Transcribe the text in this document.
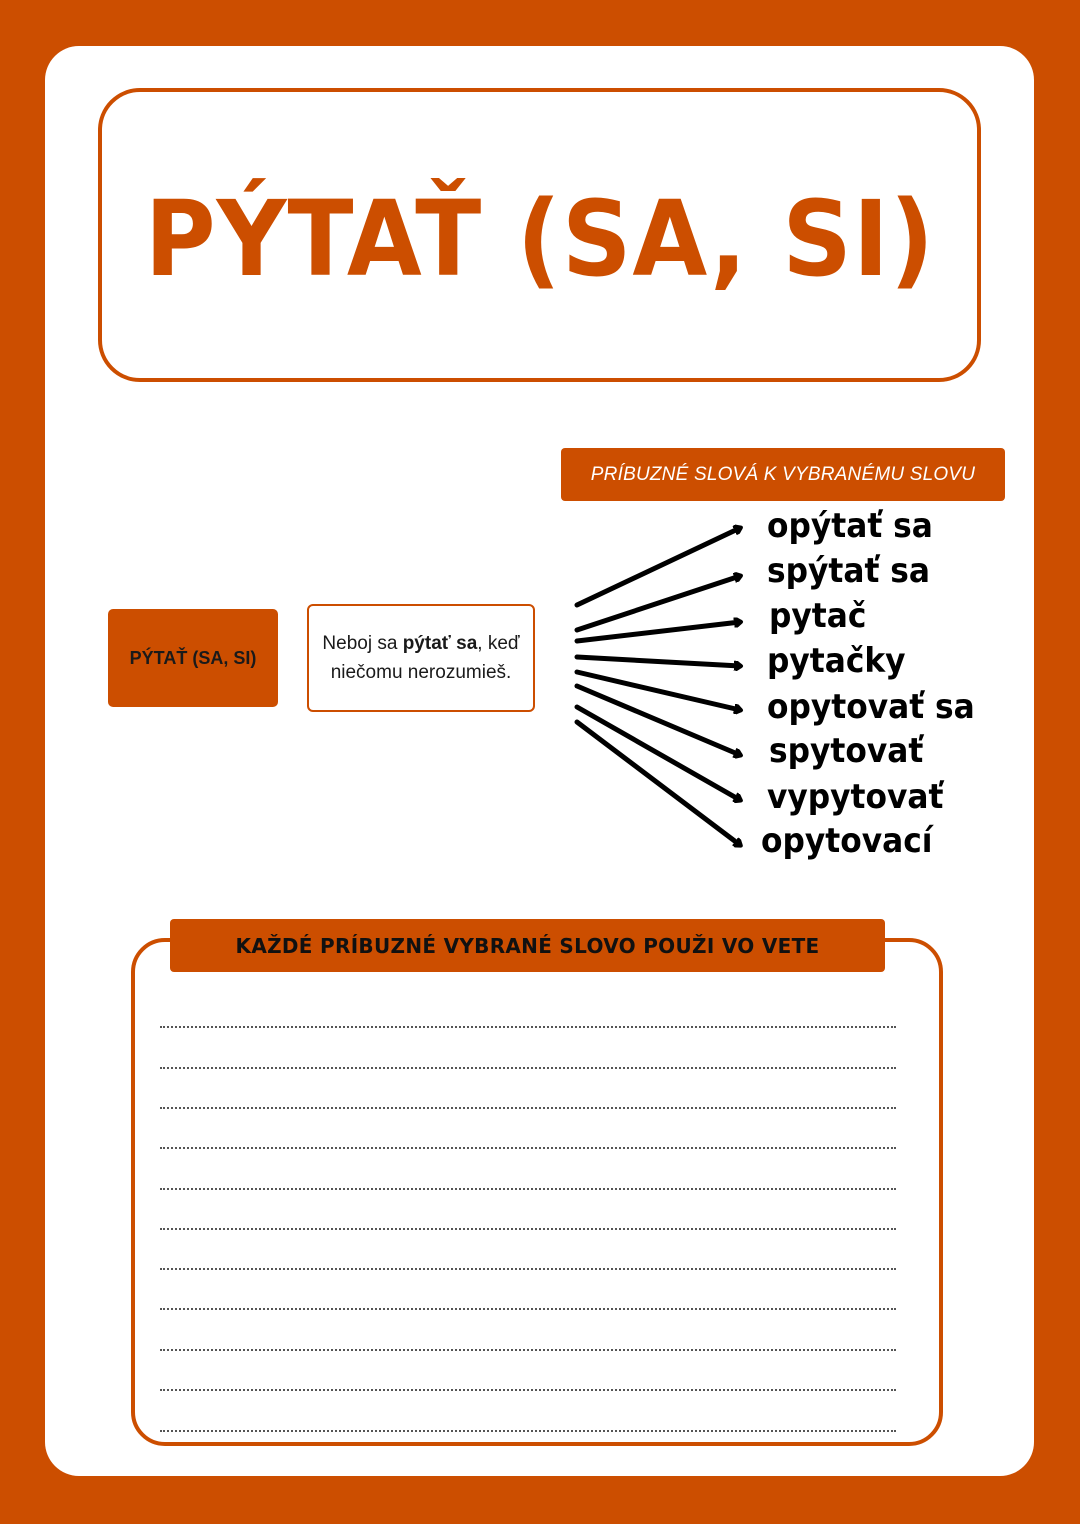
PÝTAŤ (SA, SI)
PRÍBUZNÉ SLOVÁ K VYBRANÉMU SLOVU
PÝTAŤ (SA, SI)
Neboj sa pýtať sa, keď niečomu nerozumieš.
opýtať sa
spýtať sa
pytač
pytačky
opytovať sa
spytovať
vypytovať
opytovací
KAŽDÉ PRÍBUZNÉ VYBRANÉ SLOVO POUŽI VO VETE
